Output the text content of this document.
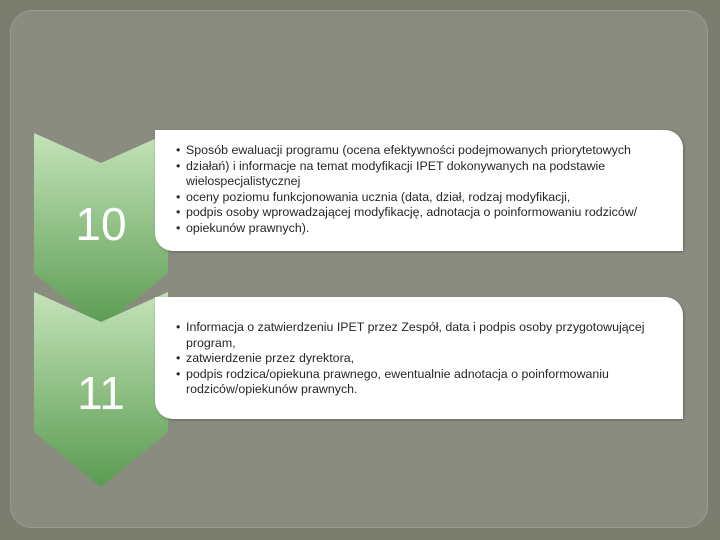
10
• Sposób ewaluacji programu (ocena efektywności podejmowanych priorytetowych
• działań) i informacje na temat modyfikacji IPET dokonywanych na podstawie wielospecjalistycznej
• oceny poziomu funkcjonowania ucznia (data, dział, rodzaj modyfikacji,
• podpis osoby wprowadzającej modyfikację, adnotacja o poinformowaniu rodziców/
• opiekunów prawnych).
11
• Informacja o zatwierdzeniu IPET przez Zespół, data i podpis osoby przygotowującej program,
• zatwierdzenie przez dyrektora,
• podpis rodzica/opiekuna prawnego, ewentualnie adnotacja o poinformowaniu rodziców/opiekunów prawnych.
